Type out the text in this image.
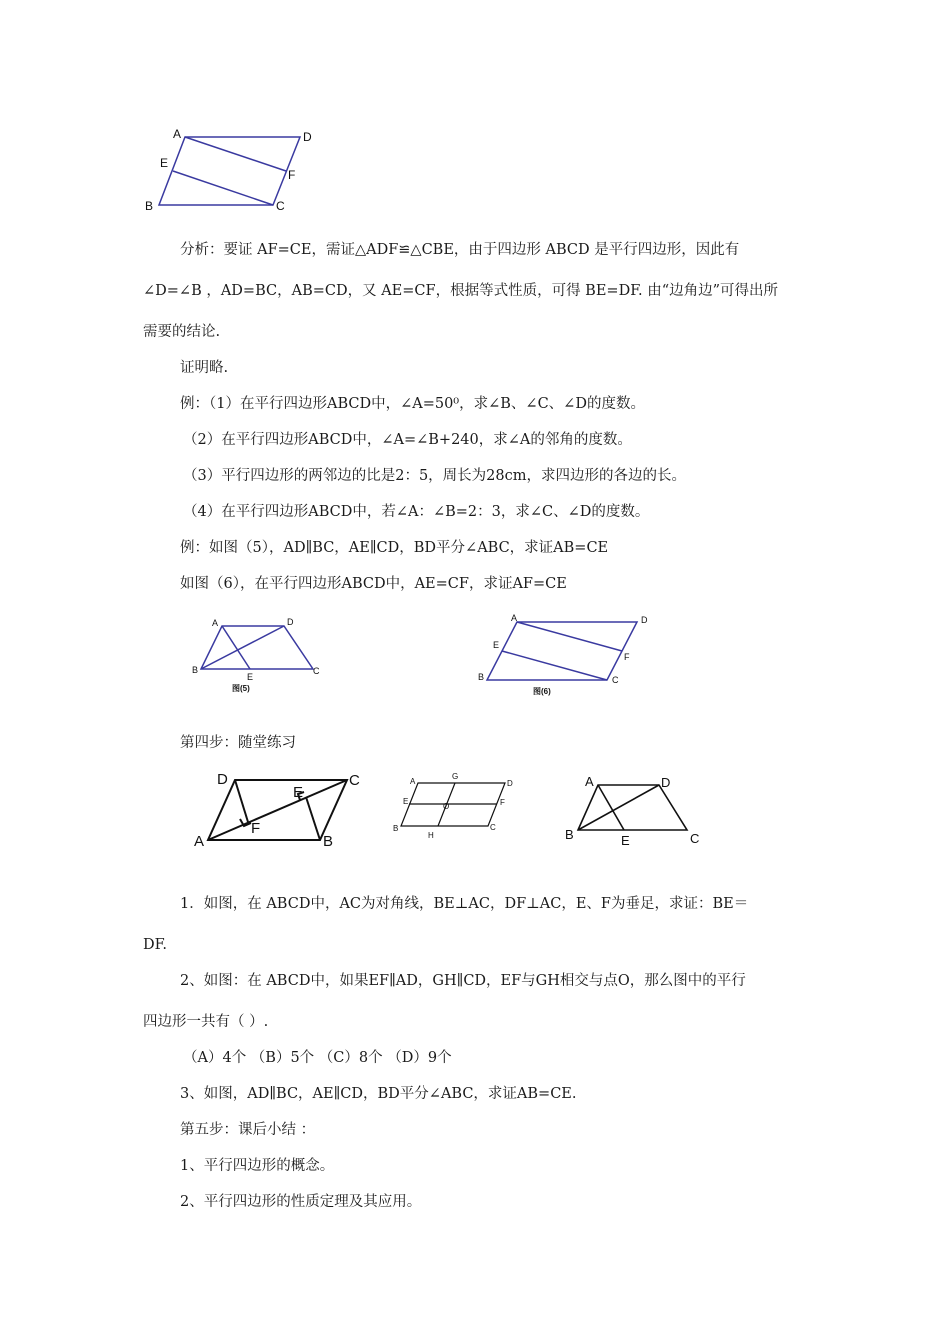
A	D
E
F
B	C
分析：要证 AF=CE，需证△ADF≌△CBE，由于四边形 ABCD 是平行四边形，因此有
∠D=∠B ，AD=BC，AB=CD，又 AE=CF，根据等式性质，可得 BE=DF. 由“边角边”可得出所
需要的结论.
证明略.
例：（1）在平行四边形ABCD中，∠A=50⁰，求∠B、∠C、∠D的度数。
（2）在平行四边形ABCD中，∠A=∠B+240，求∠A的邻角的度数。
（3）平行四边形的两邻边的比是2：5，周长为28cm，求四边形的各边的长。
（4）在平行四边形ABCD中，若∠A：∠B=2：3，求∠C、∠D的度数。
例：如图（5），AD∥BC，AE∥CD，BD平分∠ABC，求证AB=CE
如图（6），在平行四边形ABCD中，AE=CF，求证AF=CE
A	D
B
E
C
图(5)
A	D
E
F
B	C
图(6)
第四步：随堂练习
D	C
E
F
A	B
A
G
D
E
O	F
B
H
C
A	D
B	E	C
1．如图，在 ABCD中，AC为对角线，BE⊥AC，DF⊥AC，E、F为垂足，求证：BE＝
DF.
2、如图：在 ABCD中，如果EF∥AD，GH∥CD，EF与GH相交与点O，那么图中的平行
四边形一共有（ ）.
（A）4个 （B）5个 （C）8个 （D）9个
3、如图，AD∥BC，AE∥CD，BD平分∠ABC，求证AB=CE.
第五步：课后小结 ：
1、平行四边形的概念。
2、平行四边形的性质定理及其应用。
